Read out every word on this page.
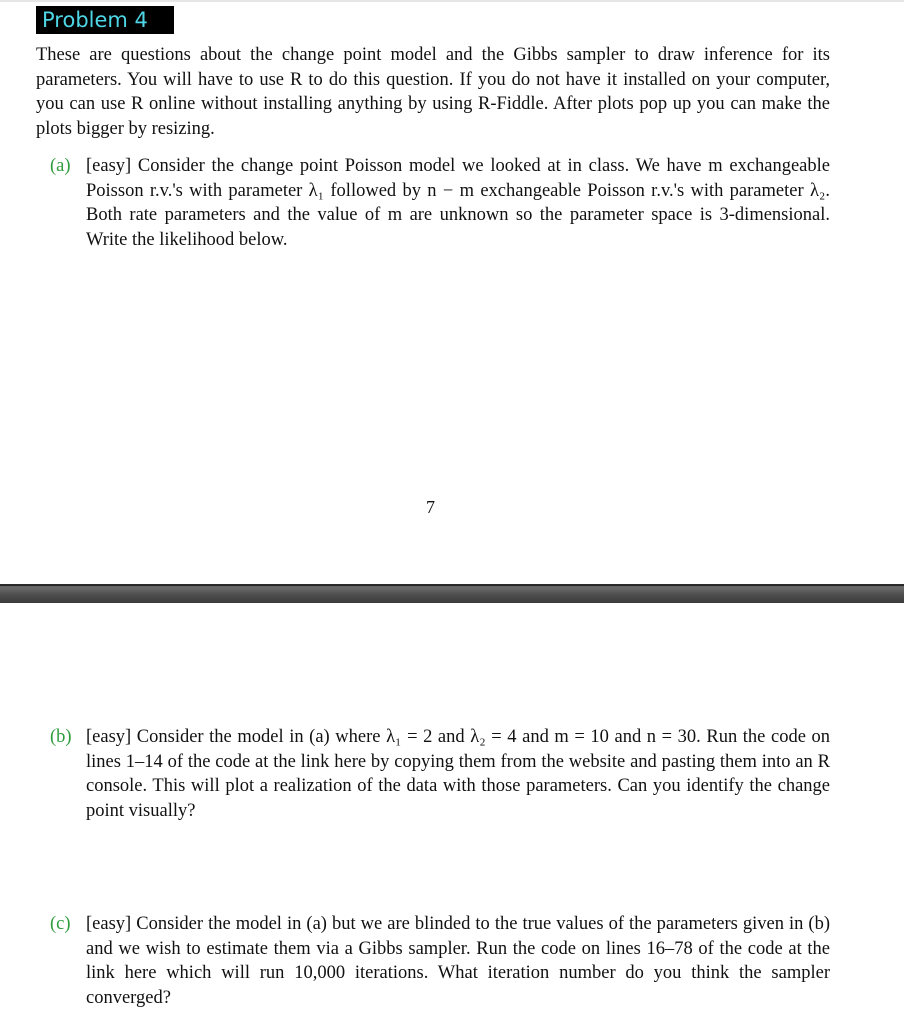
Problem 4

These are questions about the change point model and the Gibbs sampler to draw inference for its parameters. You will have to use R to do this question. If you do not have it installed on your computer, you can use R online without installing anything by using R-Fiddle. After plots pop up you can make the plots bigger by resizing.

(a) [easy] Consider the change point Poisson model we looked at in class. We have m exchangeable Poisson r.v.'s with parameter λ₁ followed by n − m exchangeable Poisson r.v.'s with parameter λ₂. Both rate parameters and the value of m are unknown so the parameter space is 3-dimensional. Write the likelihood below.

7
(b) [easy] Consider the model in (a) where λ₁ = 2 and λ₂ = 4 and m = 10 and n = 30. Run the code on lines 1–14 of the code at the link here by copying them from the website and pasting them into an R console. This will plot a realization of the data with those parameters. Can you identify the change point visually?

(c) [easy] Consider the model in (a) but we are blinded to the true values of the parameters given in (b) and we wish to estimate them via a Gibbs sampler. Run the code on lines 16–78 of the code at the link here which will run 10,000 iterations. What iteration number do you think the sampler converged?
